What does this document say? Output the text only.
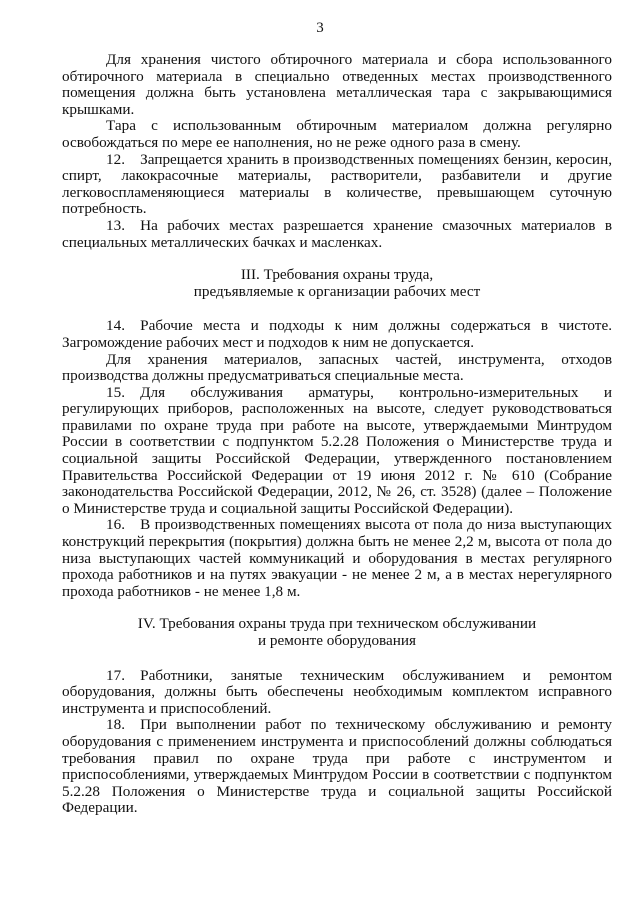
3

Для хранения чистого обтирочного материала и сбора использованного обтирочного материала в специально отведенных местах производственного помещения должна быть установлена металлическая тара с закрывающимися крышками.

Тара с использованным обтирочным материалом должна регулярно освобождаться по мере ее наполнения, но не реже одного раза в смену.

12. Запрещается хранить в производственных помещениях бензин, керосин, спирт, лакокрасочные материалы, растворители, разбавители и другие легковоспламеняющиеся материалы в количестве, превышающем суточную потребность.

13. На рабочих местах разрешается хранение смазочных материалов в специальных металлических бачках и масленках.

III. Требования охраны труда,
предъявляемые к организации рабочих мест

14. Рабочие места и подходы к ним должны содержаться в чистоте. Загромождение рабочих мест и подходов к ним не допускается.

Для хранения материалов, запасных частей, инструмента, отходов производства должны предусматриваться специальные места.

15. Для обслуживания арматуры, контрольно-измерительных и регулирующих приборов, расположенных на высоте, следует руководствоваться правилами по охране труда при работе на высоте, утверждаемыми Минтрудом России в соответствии с подпунктом 5.2.28 Положения о Министерстве труда и социальной защиты Российской Федерации, утвержденного постановлением Правительства Российской Федерации от 19 июня 2012 г. № 610 (Собрание законодательства Российской Федерации, 2012, № 26, ст. 3528) (далее – Положение о Министерстве труда и социальной защиты Российской Федерации).

16. В производственных помещениях высота от пола до низа выступающих конструкций перекрытия (покрытия) должна быть не менее 2,2 м, высота от пола до низа выступающих частей коммуникаций и оборудования в местах регулярного прохода работников и на путях эвакуации - не менее 2 м, а в местах нерегулярного прохода работников - не менее 1,8 м.

IV. Требования охраны труда при техническом обслуживании
и ремонте оборудования

17. Работники, занятые техническим обслуживанием и ремонтом оборудования, должны быть обеспечены необходимым комплектом исправного инструмента и приспособлений.

18. При выполнении работ по техническому обслуживанию и ремонту оборудования с применением инструмента и приспособлений должны соблюдаться требования правил по охране труда при работе с инструментом и приспособлениями, утверждаемых Минтрудом России в соответствии с подпунктом 5.2.28 Положения о Министерстве труда и социальной защиты Российской Федерации.
